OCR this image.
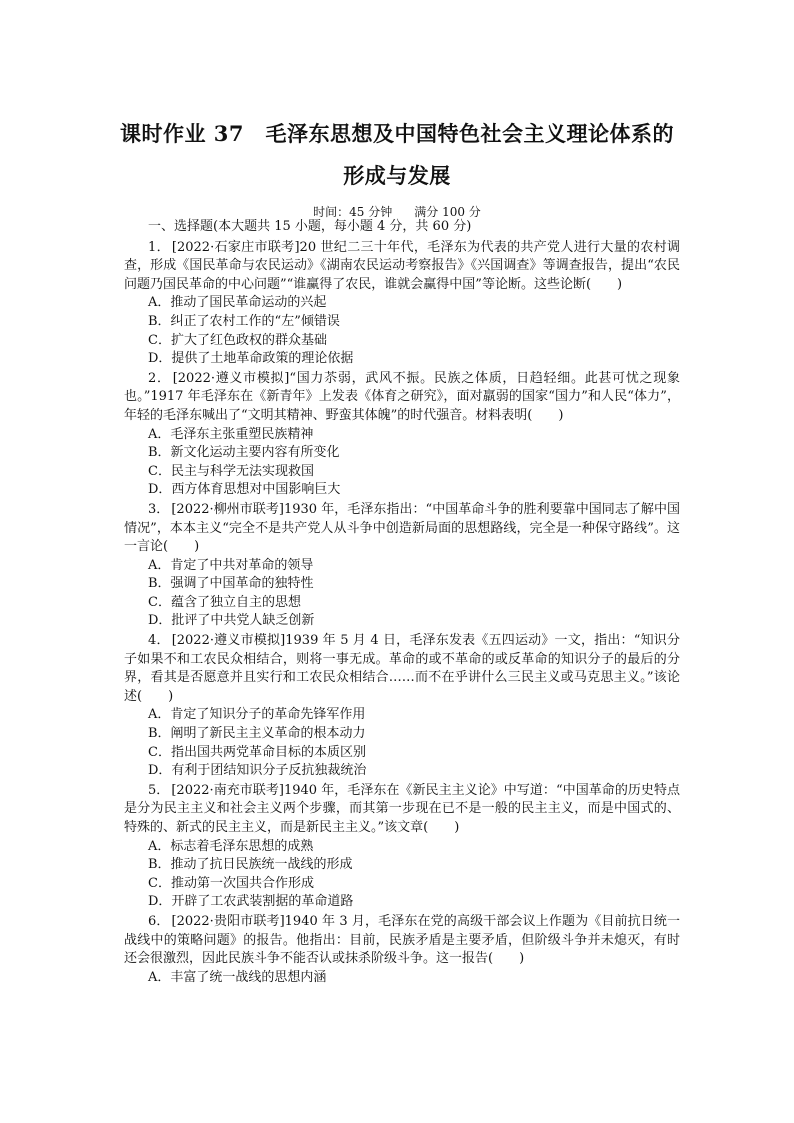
课时作业 37　毛泽东思想及中国特色社会主义理论体系的
形成与发展
时间：45 分钟 满分 100 分
一、选择题(本大题共 15 小题，每小题 4 分，共 60 分)

1． [2022·石家庄市联考]20 世纪二三十年代，毛泽东为代表的共产党人进行大量的农村调查，形成《国民革命与农民运动》《湖南农民运动考察报告》《兴国调查》等调查报告，提出“农民问题乃国民革命的中心问题”“谁赢得了农民，谁就会赢得中国”等论断。这些论断(　　)

A．推动了国民革命运动的兴起
B．纠正了农村工作的“左”倾错误
C．扩大了红色政权的群众基础
D．提供了土地革命政策的理论依据

2． [2022·遵义市模拟]“国力苶弱，武风不振。民族之体质，日趋轻细。此甚可忧之现象也。”1917 年毛泽东在《新青年》上发表《体育之研究》，面对羸弱的国家“国力”和人民“体力”，年轻的毛泽东喊出了“文明其精神、野蛮其体魄”的时代强音。材料表明(　　)

A．毛泽东主张重塑民族精神
B．新文化运动主要内容有所变化
C．民主与科学无法实现救国
D．西方体育思想对中国影响巨大

3． [2022·柳州市联考]1930 年，毛泽东指出：“中国革命斗争的胜利要靠中国同志了解中国情况”，本本主义“完全不是共产党人从斗争中创造新局面的思想路线，完全是一种保守路线”。这一言论(　　)

A．肯定了中共对革命的领导
B．强调了中国革命的独特性
C．蕴含了独立自主的思想
D．批评了中共党人缺乏创新

4． [2022·遵义市模拟]1939 年 5 月 4 日，毛泽东发表《五四运动》一文，指出：“知识分子如果不和工农民众相结合，则将一事无成。革命的或不革命的或反革命的知识分子的最后的分界，看其是否愿意并且实行和工农民众相结合……而不在乎讲什么三民主义或马克思主义。”该论述(　　)

A．肯定了知识分子的革命先锋军作用
B．阐明了新民主主义革命的根本动力
C．指出国共两党革命目标的本质区别
D．有利于团结知识分子反抗独裁统治

5． [2022·南充市联考]1940 年，毛泽东在《新民主主义论》中写道：“中国革命的历史特点是分为民主主义和社会主义两个步骤，而其第一步现在已不是一般的民主主义，而是中国式的、特殊的、新式的民主主义，而是新民主主义。”该文章(　　)

A．标志着毛泽东思想的成熟
B．推动了抗日民族统一战线的形成
C．推动第一次国共合作形成
D．开辟了工农武装割据的革命道路

6． [2022·贵阳市联考]1940 年 3 月，毛泽东在党的高级干部会议上作题为《目前抗日统一战线中的策略问题》的报告。他指出：目前，民族矛盾是主要矛盾，但阶级斗争并未熄灭，有时还会很激烈，因此民族斗争不能否认或抹杀阶级斗争。这一报告(　　)

A．丰富了统一战线的思想内涵
